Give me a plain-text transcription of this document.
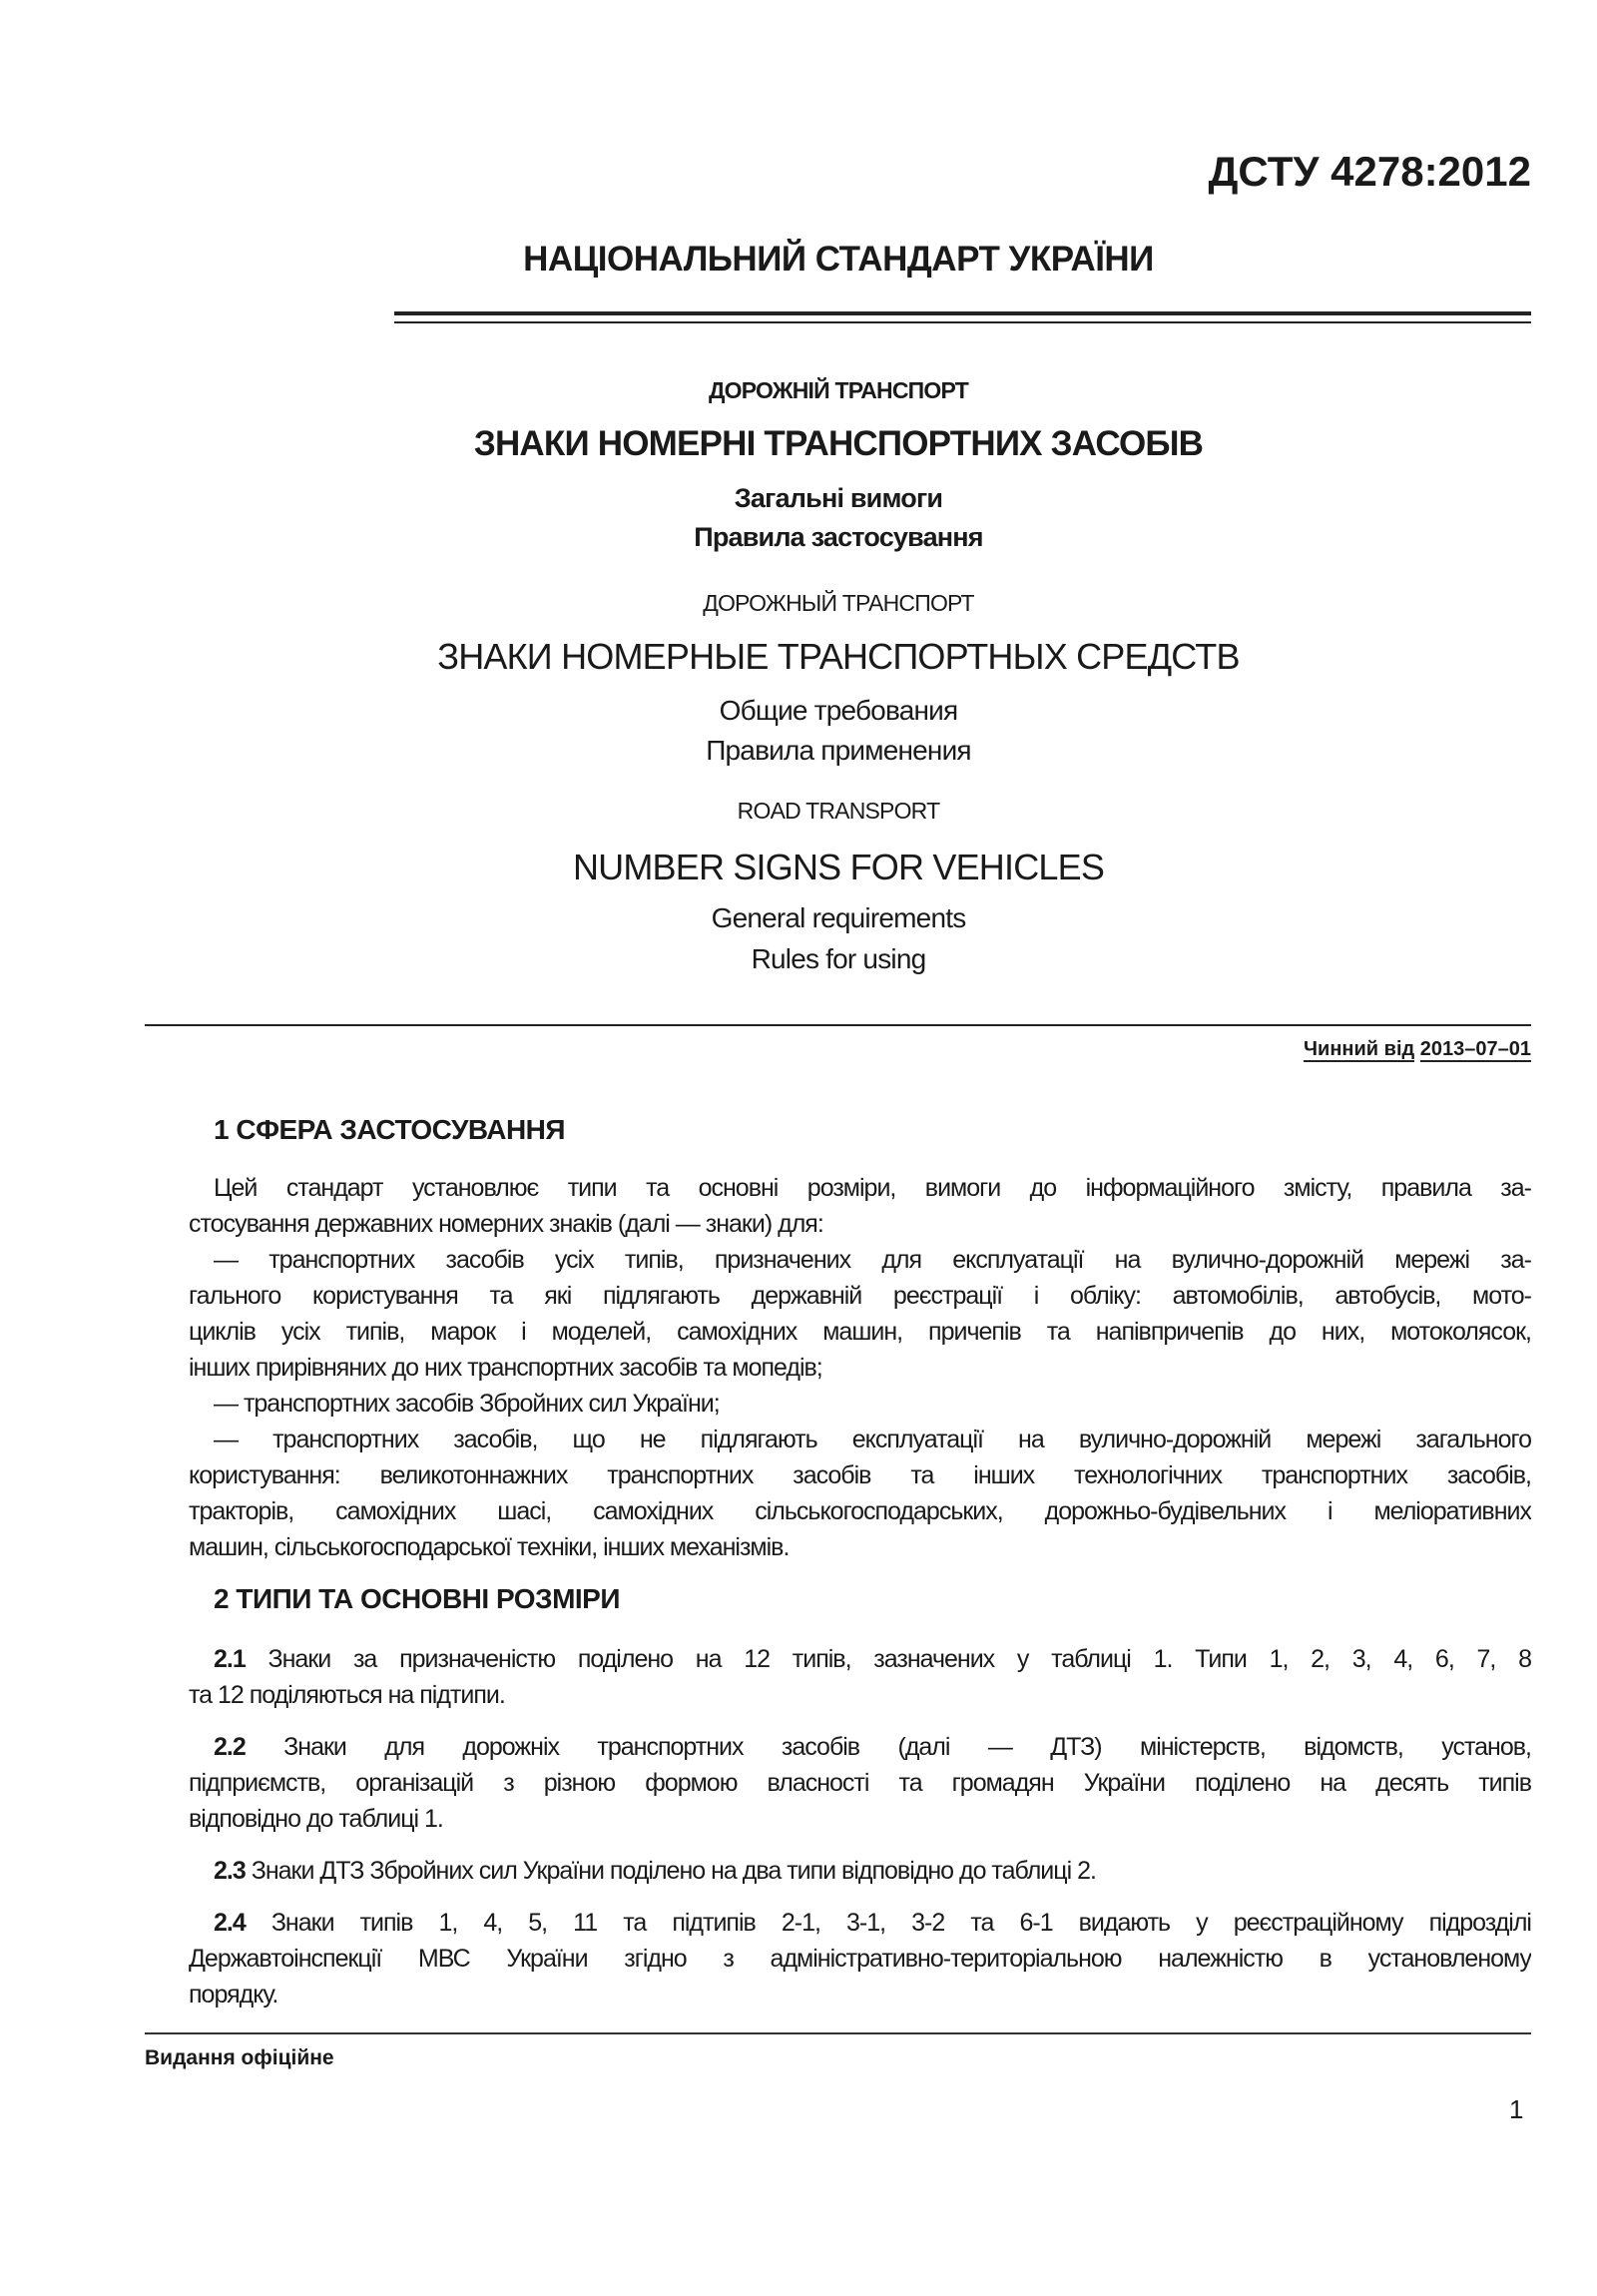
ДСТУ 4278:2012
НАЦІОНАЛЬНИЙ СТАНДАРТ УКРАЇНИ
ДОРОЖНІЙ ТРАНСПОРТ
ЗНАКИ НОМЕРНІ ТРАНСПОРТНИХ ЗАСОБІВ
Загальні вимоги
Правила застосування
ДОРОЖНЫЙ ТРАНСПОРТ
ЗНАКИ НОМЕРНЫЕ ТРАНСПОРТНЫХ СРЕДСТВ
Общие требования
Правила применения
ROAD TRANSPORT
NUMBER SIGNS FOR VEHICLES
General requirements
Rules for using
Чинний від 2013–07–01
1 СФЕРА ЗАСТОСУВАННЯ
Цей стандарт установлює типи та основні розміри, вимоги до інформаційного змісту, правила за-
стосування державних номерних знаків (далі — знаки) для:
— транспортних засобів усіх типів, призначених для експлуатації на вулично-дорожній мережі за-
гального користування та які підлягають державній реєстрації і обліку: автомобілів, автобусів, мото-
циклів усіх типів, марок і моделей, самохідних машин, причепів та напівпричепів до них, мотоколясок,
інших прирівняних до них транспортних засобів та мопедів;
— транспортних засобів Збройних сил України;
— транспортних засобів, що не підлягають експлуатації на вулично-дорожній мережі загального
користування: великотоннажних транспортних засобів та інших технологічних транспортних засобів,
тракторів, самохідних шасі, самохідних сільськогосподарських, дорожньо-будівельних і меліоративних
машин, сільськогосподарської техніки, інших механізмів.
2 ТИПИ ТА ОСНОВНІ РОЗМІРИ
2.1 Знаки за призначеністю поділено на 12 типів, зазначених у таблиці 1. Типи 1, 2, 3, 4, 6, 7, 8
та 12 поділяються на підтипи.
2.2 Знаки для дорожніх транспортних засобів (далі — ДТЗ) міністерств, відомств, установ,
підприємств, організацій з різною формою власності та громадян України поділено на десять типів
відповідно до таблиці 1.
2.3 Знаки ДТЗ Збройних сил України поділено на два типи відповідно до таблиці 2.
2.4 Знаки типів 1, 4, 5, 11 та підтипів 2-1, 3-1, 3-2 та 6-1 видають у реєстраційному підрозділі
Державтоінспекції МВС України згідно з адміністративно-територіальною належністю в установленому
порядку.
Видання офіційне
1
